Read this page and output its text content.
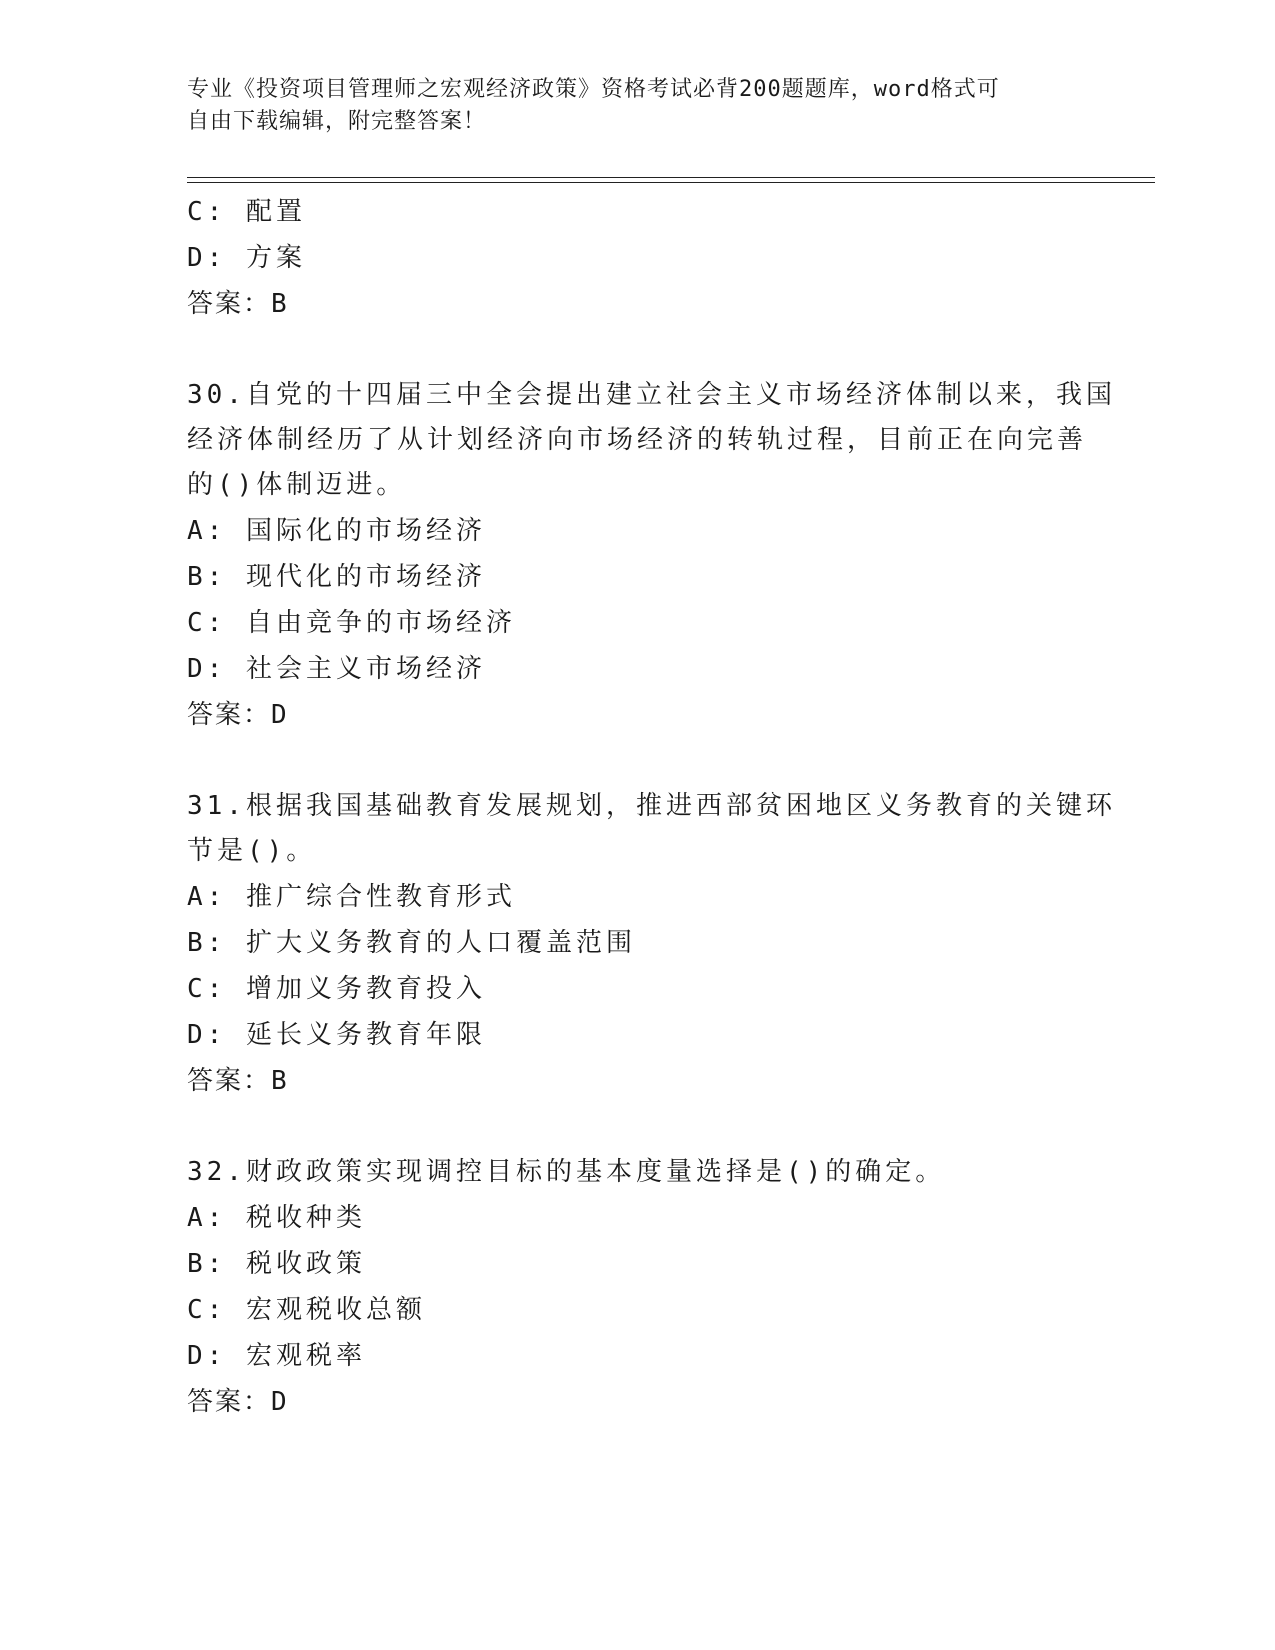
专业《投资项目管理师之宏观经济政策》资格考试必背200题题库，word格式可
自由下载编辑，附完整答案！
C: 配置
D: 方案
答案：B
30.自党的十四届三中全会提出建立社会主义市场经济体制以来，我国
经济体制经历了从计划经济向市场经济的转轨过程，目前正在向完善
的()体制迈进。
A: 国际化的市场经济
B: 现代化的市场经济
C: 自由竞争的市场经济
D: 社会主义市场经济
答案：D
31.根据我国基础教育发展规划，推进西部贫困地区义务教育的关键环
节是()。
A: 推广综合性教育形式
B: 扩大义务教育的人口覆盖范围
C: 增加义务教育投入
D: 延长义务教育年限
答案：B
32.财政政策实现调控目标的基本度量选择是()的确定。
A: 税收种类
B: 税收政策
C: 宏观税收总额
D: 宏观税率
答案：D
